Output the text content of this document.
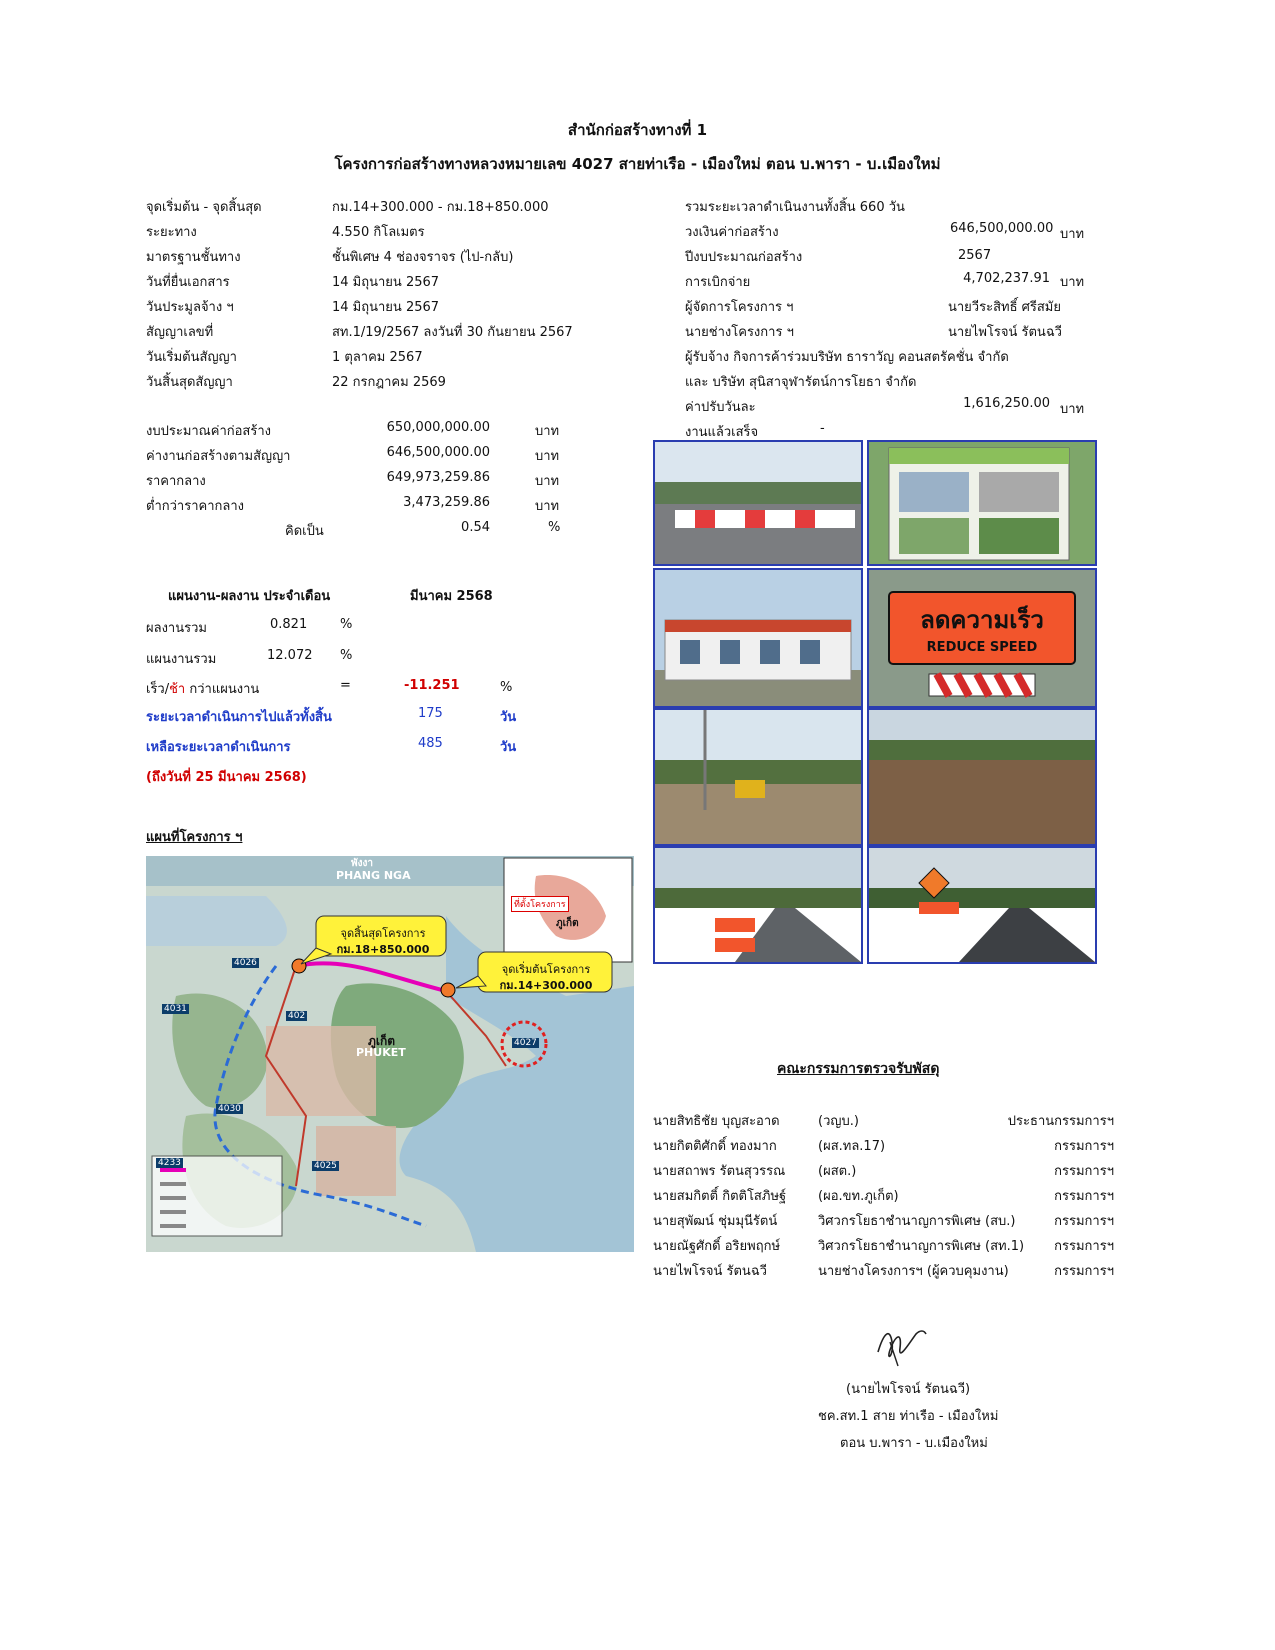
สำนักก่อสร้างทางที่ 1
โครงการก่อสร้างทางหลวงหมายเลข 4027 สายท่าเรือ - เมืองใหม่ ตอน บ.พารา - บ.เมืองใหม่
จุดเริ่มต้น - จุดสิ้นสุด	กม.14+300.000 - กม.18+850.000
ระยะทาง	4.550 กิโลเมตร
มาตรฐานชั้นทาง	ชั้นพิเศษ 4 ช่องจราจร (ไป-กลับ)
วันที่ยื่นเอกสาร	14 มิถุนายน 2567
วันประมูลจ้าง ฯ	14 มิถุนายน 2567
สัญญาเลขที่	สท.1/19/2567 ลงวันที่ 30 กันยายน 2567
วันเริ่มต้นสัญญา	1 ตุลาคม 2567
วันสิ้นสุดสัญญา	22 กรกฎาคม 2569
งบประมาณค่าก่อสร้าง	650,000,000.00	บาท
ค่างานก่อสร้างตามสัญญา	646,500,000.00	บาท
ราคากลาง	649,973,259.86	บาท
ต่ำกว่าราคากลาง	3,473,259.86	บาท
คิดเป็น	0.54	%
รวมระยะเวลาดำเนินงานทั้งสิ้น 660 วัน
วงเงินค่าก่อสร้าง	646,500,000.00 บาท
ปีงบประมาณก่อสร้าง	2567
การเบิกจ่าย	4,702,237.91 บาท
ผู้จัดการโครงการ ฯ	นายวีระสิทธิ์ ศรีสมัย
นายช่างโครงการ ฯ	นายไพโรจน์ รัตนฉวี
ผู้รับจ้าง กิจการค้าร่วมบริษัท ธาราวัญ คอนสตรัคชั่น จำกัด
และ บริษัท สุนิสาจุฬารัตน์การโยธา จำกัด
ค่าปรับวันละ	1,616,250.00 บาท
งานแล้วเสร็จ	-
แผนงาน-ผลงาน ประจำเดือน	มีนาคม 2568
ผลงานรวม	0.821	%
แผนงานรวม	12.072 %
เร็ว/ช้า กว่าแผนงาน	=	-11.251	%
ระยะเวลาดำเนินการไปแล้วทั้งสิ้น	175	วัน
เหลือระยะเวลาดำเนินการ	485	วัน
(ถึงวันที่ 25 มีนาคม 2568)
แผนที่โครงการ ฯ
พังงา
PHANG NGA
ที่ตั้งโครงการ
ภูเก็ต
จุดสิ้นสุดโครงการ
กม.18+850.000
จุดเริ่มต้นโครงการ
กม.14+300.000
ภูเก็ต
PHUKET
4026
4031
402
4027
4030
4025
4233
ลดความเร็ว
REDUCE SPEED
คณะกรรมการตรวจรับพัสดุ
นายสิทธิชัย บุญสะอาด	(วญบ.)	ประธานกรรมการฯ
นายกิตติศักดิ์ ทองมาก	(ผส.ทล.17)	กรรมการฯ
นายสถาพร รัตนสุวรรณ	(ผสต.)	กรรมการฯ
นายสมกิตติ์ กิตติโสภิษฐ์ (ผอ.ขท.ภูเก็ต)	กรรมการฯ
นายสุพัฒน์ ชุ่มมุนีรัตน์	วิศวกรโยธาชำนาญการพิเศษ (สบ.)	กรรมการฯ
นายณัฐศักดิ์ อริยพฤกษ์	วิศวกรโยธาชำนาญการพิเศษ (สท.1)	กรรมการฯ
นายไพโรจน์ รัตนฉวี	นายช่างโครงการฯ (ผู้ควบคุมงาน)	กรรมการฯ
(นายไพโรจน์ รัตนฉวี)
ชค.สท.1 สาย ท่าเรือ - เมืองใหม่
ตอน บ.พารา - บ.เมืองใหม่
